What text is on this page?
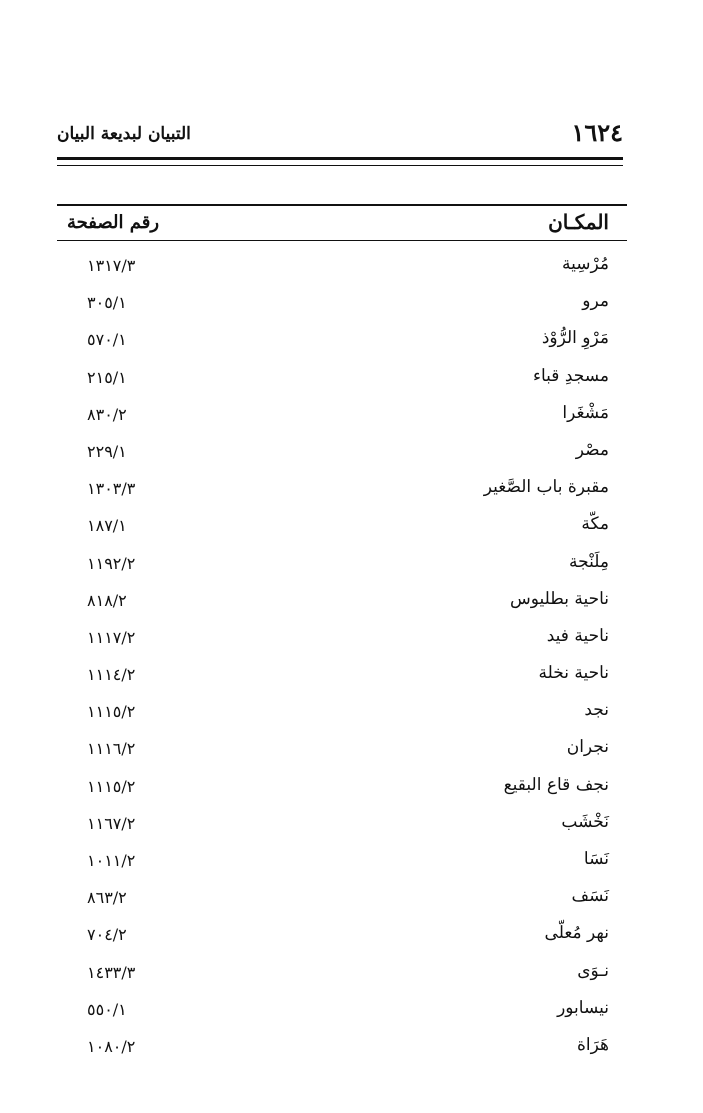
١٦٢٤
التبيان لبديعة البيان
المكـان
رقم الصفحة
مُرْسِية
١٣١٧/٣
مرو
٣٠٥/١
مَرْوِ الرُّوْذ
٥٧٠/١
مسجدِ قباء
٢١٥/١
مَشْغَرا
٨٣٠/٢
مصْر
٢٢٩/١
مقبرة باب الصَّغير
١٣٠٣/٣
مكّة
١٨٧/١
مِلَنْجة
١١٩٢/٢
ناحية بطليوس
٨١٨/٢
ناحية فيد
١١١٧/٢
ناحية نخلة
١١١٤/٢
نجد
١١١٥/٢
نجران
١١١٦/٢
نجف قاع البقيع
١١١٥/٢
نَخْشَب
١١٦٧/٢
نَسَا
١٠١١/٢
نَسَف
٨٦٣/٢
نهر مُعلّى
٧٠٤/٢
نـوَى
١٤٣٣/٣
نيسابور
٥٥٠/١
هَرَاة
١٠٨٠/٢
